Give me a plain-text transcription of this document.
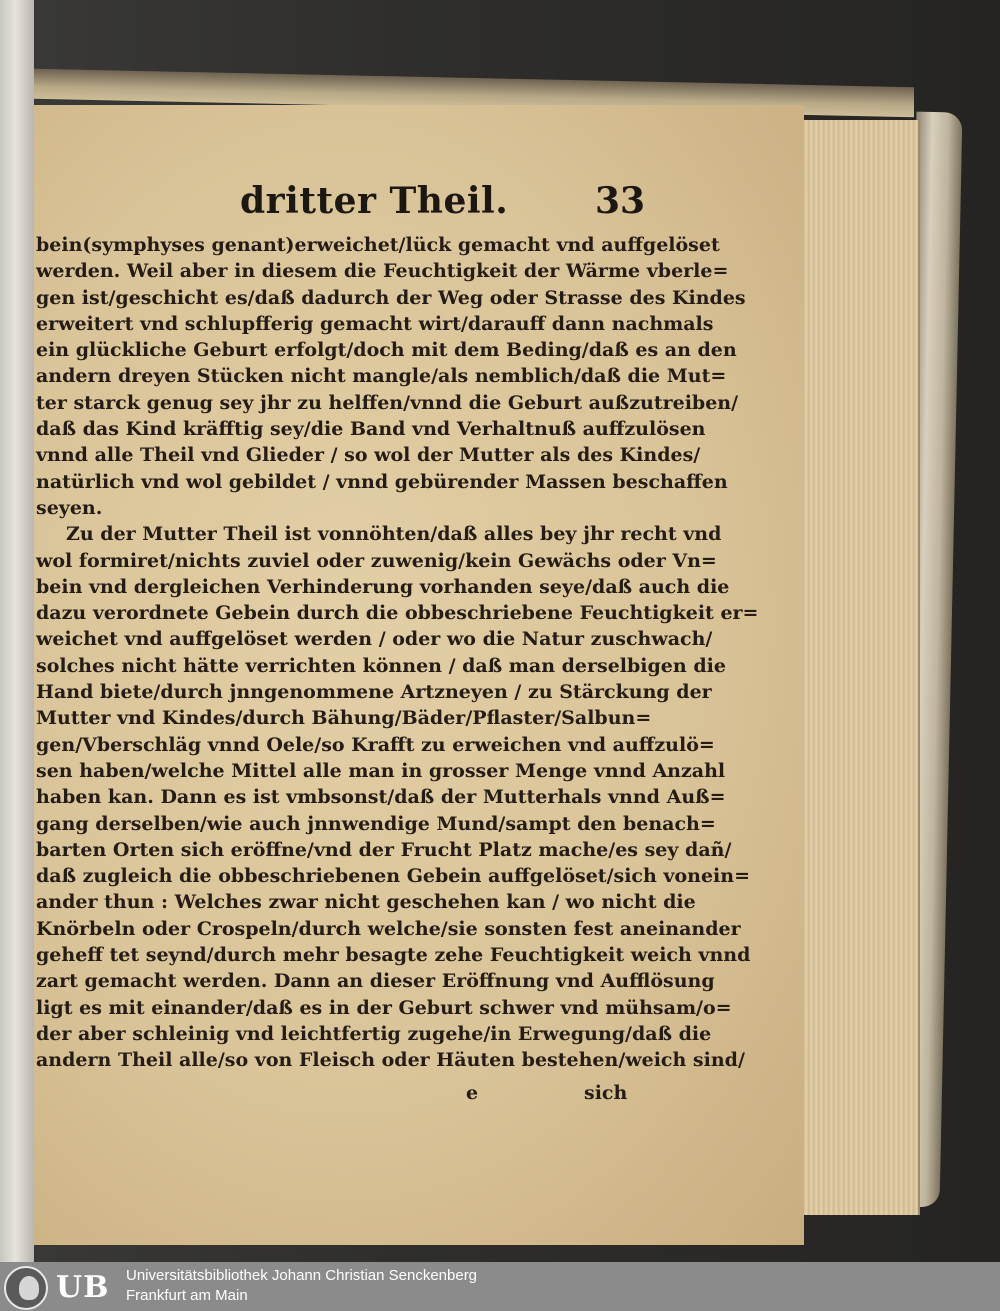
dritter Theil. 33
bein(symphyses genant)erweichet/lück gemacht vnd auffgelöset
werden. Weil aber in diesem die Feuchtigkeit der Wärme vberle=
gen ist/geschicht es/daß dadurch der Weg oder Strasse des Kindes
erweitert vnd schlupfferig gemacht wirt/darauff dann nachmals
ein glückliche Geburt erfolgt/doch mit dem Beding/daß es an den
andern dreyen Stücken nicht mangle/als nemblich/daß die Mut=
ter starck genug sey jhr zu helffen/vnnd die Geburt außzutreiben/
daß das Kind kräfftig sey/die Band vnd Verhaltnuß auffzulösen
vnnd alle Theil vnd Glieder / so wol der Mutter als des Kindes/
natürlich vnd wol gebildet / vnnd gebürender Massen beschaffen
seyen.
Zu der Mutter Theil ist vonnöhten/daß alles bey jhr recht vnd
wol formiret/nichts zuviel oder zuwenig/kein Gewächs oder Vn=
bein vnd dergleichen Verhinderung vorhanden seye/daß auch die
dazu verordnete Gebein durch die obbeschriebene Feuchtigkeit er=
weichet vnd auffgelöset werden / oder wo die Natur zuschwach/
solches nicht hätte verrichten können / daß man derselbigen die
Hand biete/durch jnngenommene Artzneyen / zu Stärckung der
Mutter vnd Kindes/durch Bähung/Bäder/Pflaster/Salbun=
gen/Vberschläg vnnd Oele/so Krafft zu erweichen vnd auffzulö=
sen haben/welche Mittel alle man in grosser Menge vnnd Anzahl
haben kan. Dann es ist vmbsonst/daß der Mutterhals vnnd Auß=
gang derselben/wie auch jnnwendige Mund/sampt den benach=
barten Orten sich eröffne/vnd der Frucht Platz mache/es sey dañ/
daß zugleich die obbeschriebenen Gebein auffgelöset/sich vonein=
ander thun : Welches zwar nicht geschehen kan / wo nicht die
Knörbeln oder Crospeln/durch welche/sie sonsten fest aneinander
geheff tet seynd/durch mehr besagte zehe Feuchtigkeit weich vnnd
zart gemacht werden. Dann an dieser Eröffnung vnd Aufflösung
ligt es mit einander/daß es in der Geburt schwer vnd mühsam/o=
der aber schleinig vnd leichtfertig zugehe/in Erwegung/daß die
andern Theil alle/so von Fleisch oder Häuten bestehen/weich sind/
e	sich
UB Universitätsbibliothek Johann Christian Senckenberg
Frankfurt am Main
